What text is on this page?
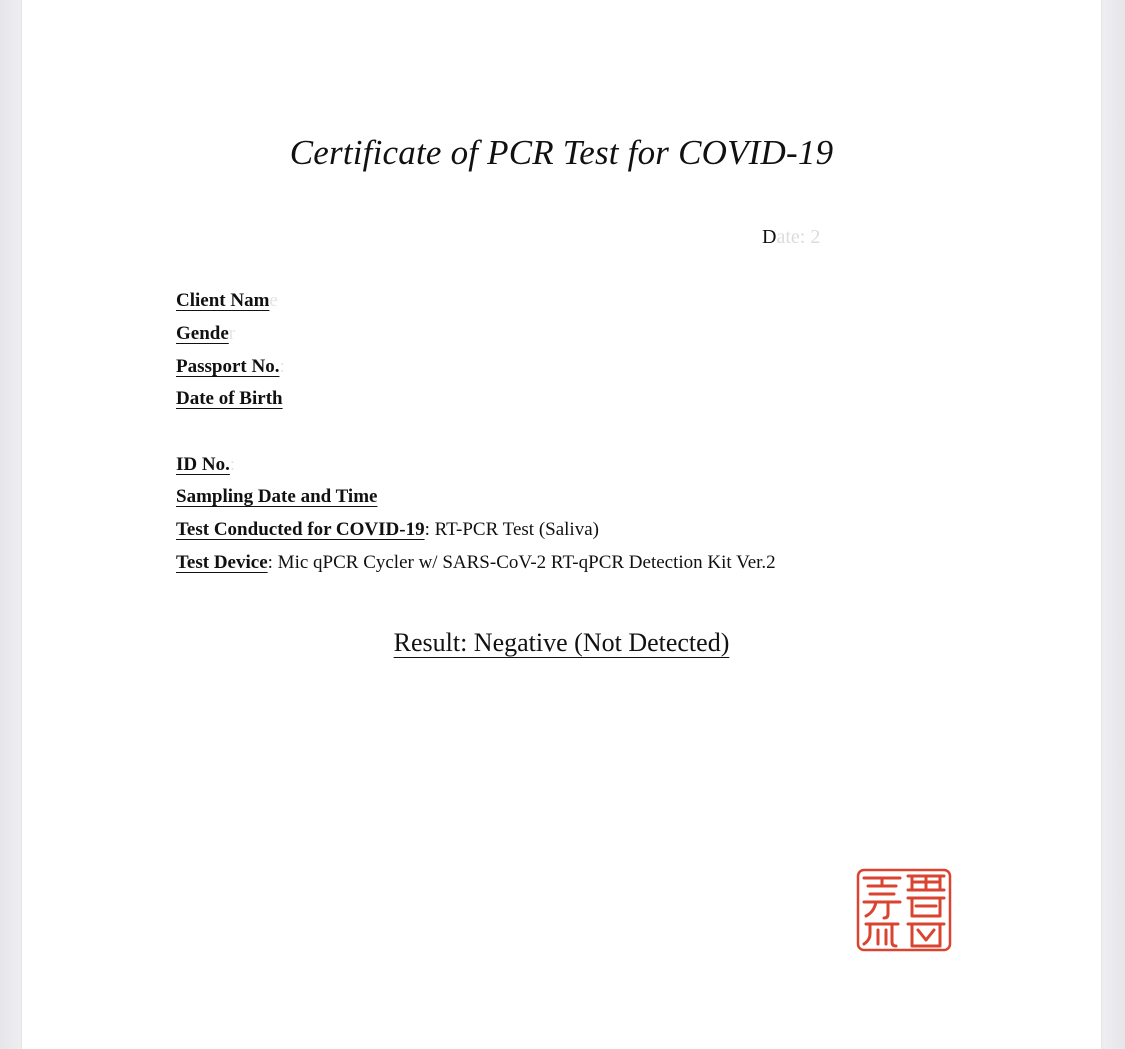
Certificate of PCR Test for COVID-19
Date: 2
Client Name
Gender
Passport No.:
Date of Birth
ID No.:
Sampling Date and Time
Test Conducted for COVID-19: RT-PCR Test (Saliva)
Test Device: Mic qPCR Cycler w/ SARS-CoV-2 RT-qPCR Detection Kit Ver.2
Result: Negative (Not Detected)
